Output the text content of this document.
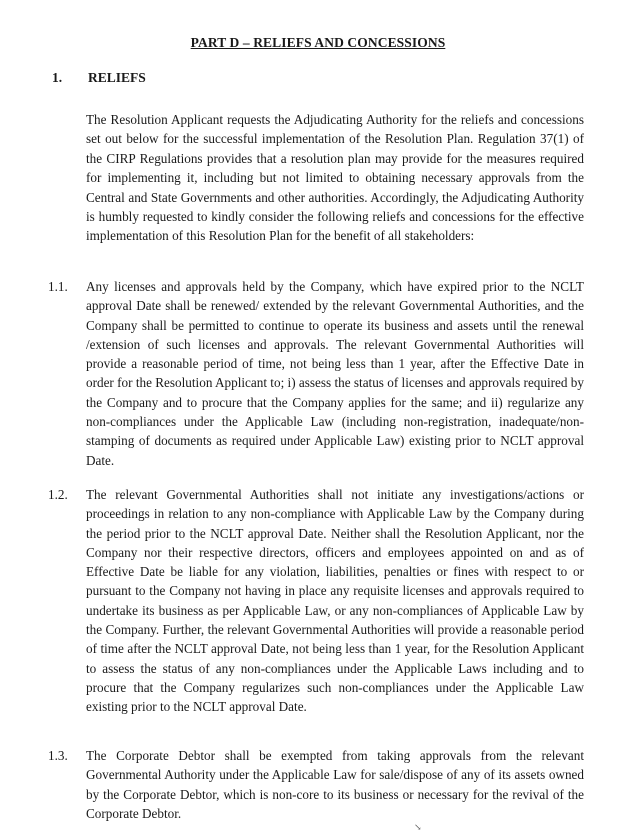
PART D – RELIEFS AND CONCESSIONS
1. RELIEFS
The Resolution Applicant requests the Adjudicating Authority for the reliefs and concessions set out below for the successful implementation of the Resolution Plan. Regulation 37(1) of the CIRP Regulations provides that a resolution plan may provide for the measures required for implementing it, including but not limited to obtaining necessary approvals from the Central and State Governments and other authorities. Accordingly, the Adjudicating Authority is humbly requested to kindly consider the following reliefs and concessions for the effective implementation of this Resolution Plan for the benefit of all stakeholders:
1.1.	Any licenses and approvals held by the Company, which have expired prior to the NCLT approval Date shall be renewed/ extended by the relevant Governmental Authorities, and the Company shall be permitted to continue to operate its business and assets until the renewal /extension of such licenses and approvals. The relevant Governmental Authorities will provide a reasonable period of time, not being less than 1 year, after the Effective Date in order for the Resolution Applicant to; i) assess the status of licenses and approvals required by the Company and to procure that the Company applies for the same; and ii) regularize any non-compliances under the Applicable Law (including non-registration, inadequate/non-stamping of documents as required under Applicable Law) existing prior to NCLT approval Date.
1.2.	The relevant Governmental Authorities shall not initiate any investigations/actions or proceedings in relation to any non-compliance with Applicable Law by the Company during the period prior to the NCLT approval Date. Neither shall the Resolution Applicant, nor the Company nor their respective directors, officers and employees appointed on and as of Effective Date be liable for any violation, liabilities, penalties or fines with respect to or pursuant to the Company not having in place any requisite licenses and approvals required to undertake its business as per Applicable Law, or any non-compliances of Applicable Law by the Company. Further, the relevant Governmental Authorities will provide a reasonable period of time after the NCLT approval Date, not being less than 1 year, for the Resolution Applicant to assess the status of any non-compliances under the Applicable Laws including and to procure that the Company regularizes such non-compliances under the Applicable Law existing prior to the NCLT approval Date.
1.3.	The Corporate Debtor shall be exempted from taking approvals from the relevant Governmental Authority under the Applicable Law for sale/dispose of any of its assets owned by the Corporate Debtor, which is non-core to its business or necessary for the revival of the Corporate Debtor.
↘
